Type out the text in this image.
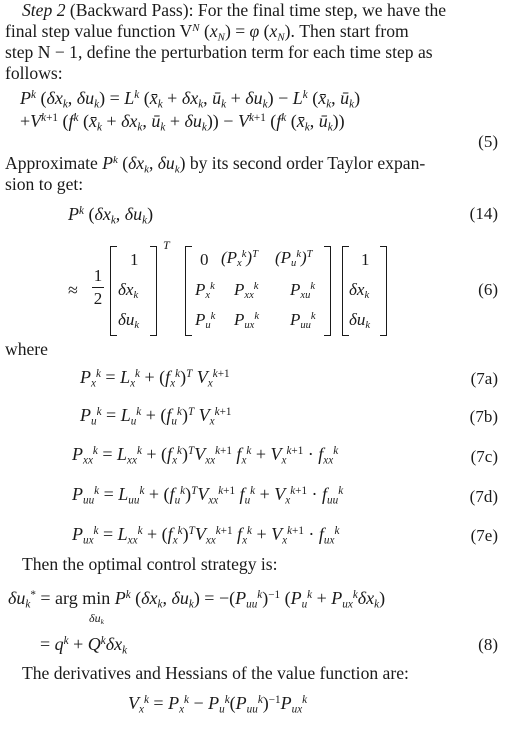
Step 2 (Backward Pass): For the final time step, we have the
final step value function $V^N$ $(x_N) = \varphi$ $(x_N)$. Then start from
step N − 1, define the perturbation term for each time step as
follows:
$P^k$ ($\delta x_k$, $\delta u_k) = L^k$ ($x̄_k + \delta x_k$, $ū_k + \delta u_k) - L^k$ ($x̄_k$, $ū_k$)
$+V^{k+1}$ ($f^k$ ($x̄_k + \delta x_k$, $ū_k + \delta u_k)) - V^{k+1}$ ($f^k$ ($x̄_k$, $ū_k$))
(5)
Approximate $P^k$ ($\delta x_k$, $\delta u_k$) by its second order Taylor expan-
sion to get:
$P^k$ ($\delta x_k$, $\delta u_k$)	(14)
≈
1
2
1
$\delta x_k$
$\delta u_k$
T
0 $(P_x^k)^T$ $(P_u^k)^T$
$P_x^k$ $P_{xx}^k$ $P_{xu}^k$
$P_u^k$ $P_{ux}^k$ $P_{uu}^k$
1
$\delta x_k$
$\delta u_k$
(6)
where
$P_x^k = L_x^k + (f_x^k)^T$ $V_x^{k+1}$	(7a)
$P_u^k = L_u^k + (f_u^k)^T$ $V_x^{k+1}$	(7b)
$P_{xx}^k = L_{xx}^k + (f_x^k)^TV_{xx}^{k+1}$ $f_x^k + V_x^{k+1} \cdot f_{xx}^k$	(7c)
$P_{uu}^k = L_{uu}^k + (f_u^k)^TV_{xx}^{k+1}$ $f_u^k + V_x^{k+1} \cdot f_{uu}^k$	(7d)
$P_{ux}^k = L_{xx}^k + (f_x^k)^TV_{xx}^{k+1}$ $f_x^k + V_x^{k+1} \cdot f_{ux}^k$	(7e)
Then the optimal control strategy is:
$\delta u_k^*$ = arg $\min P^k$ ($\delta x_k$, $\delta u_k) = -(P_{uu}^k)^{-1}$ $(P_u^k + P_{ux}^k\delta x_k)$
$\delta u_k$
= $q^k + Q^k\delta x_k$	(8)
The derivatives and Hessians of the value function are:
$V_x^k = P_x^k - P_u^k(P_{uu}^k)^{-1}P_{ux}^k$
